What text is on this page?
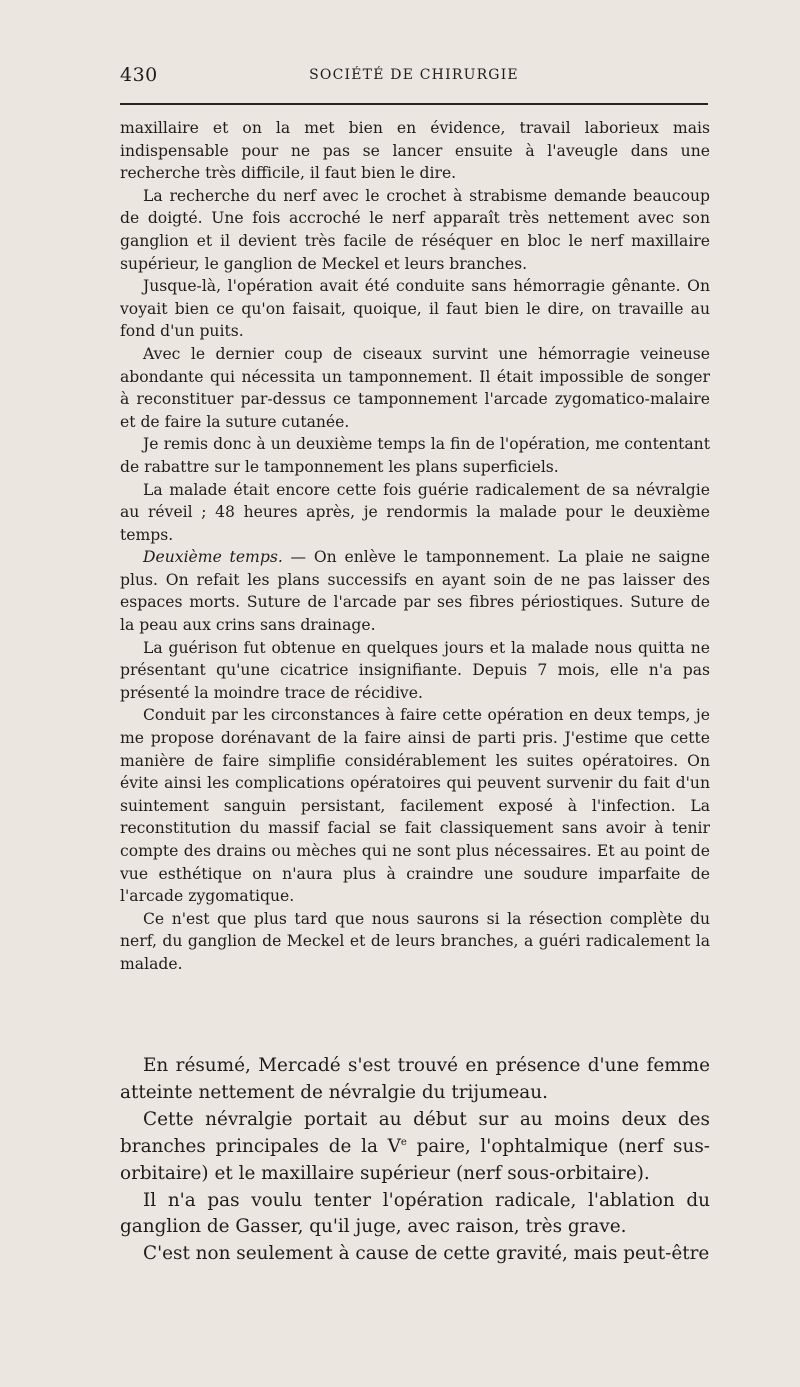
430	SOCIÉTÉ DE CHIRURGIE

maxillaire et on la met bien en évidence, travail laborieux mais indispensable pour ne pas se lancer ensuite à l'aveugle dans une recherche très difficile, il faut bien le dire.

La recherche du nerf avec le crochet à strabisme demande beaucoup de doigté. Une fois accroché le nerf apparaît très nettement avec son ganglion et il devient très facile de réséquer en bloc le nerf maxillaire supérieur, le ganglion de Meckel et leurs branches.

Jusque-là, l'opération avait été conduite sans hémorragie gênante. On voyait bien ce qu'on faisait, quoique, il faut bien le dire, on travaille au fond d'un puits.

Avec le dernier coup de ciseaux survint une hémorragie veineuse abondante qui nécessita un tamponnement. Il était impossible de songer à reconstituer par-dessus ce tamponnement l'arcade zygomatico-malaire et de faire la suture cutanée.

Je remis donc à un deuxième temps la fin de l'opération, me contentant de rabattre sur le tamponnement les plans superficiels.

La malade était encore cette fois guérie radicalement de sa névralgie au réveil ; 48 heures après, je rendormis la malade pour le deuxième temps.

Deuxième temps. — On enlève le tamponnement. La plaie ne saigne plus. On refait les plans successifs en ayant soin de ne pas laisser des espaces morts. Suture de l'arcade par ses fibres périostiques. Suture de la peau aux crins sans drainage.

La guérison fut obtenue en quelques jours et la malade nous quitta ne présentant qu'une cicatrice insignifiante. Depuis 7 mois, elle n'a pas présenté la moindre trace de récidive.

Conduit par les circonstances à faire cette opération en deux temps, je me propose dorénavant de la faire ainsi de parti pris. J'estime que cette manière de faire simplifie considérablement les suites opératoires. On évite ainsi les complications opératoires qui peuvent survenir du fait d'un suintement sanguin persistant, facilement exposé à l'infection. La reconstitution du massif facial se fait classiquement sans avoir à tenir compte des drains ou mèches qui ne sont plus nécessaires. Et au point de vue esthétique on n'aura plus à craindre une soudure imparfaite de l'arcade zygomatique.

Ce n'est que plus tard que nous saurons si la résection complète du nerf, du ganglion de Meckel et de leurs branches, a guéri radicalement la malade.

En résumé, Mercadé s'est trouvé en présence d'une femme atteinte nettement de névralgie du trijumeau.

Cette névralgie portait au début sur au moins deux des branches principales de la Ve paire, l'ophtalmique (nerf sus-orbitaire) et le maxillaire supérieur (nerf sous-orbitaire).

Il n'a pas voulu tenter l'opération radicale, l'ablation du ganglion de Gasser, qu'il juge, avec raison, très grave.

C'est non seulement à cause de cette gravité, mais peut-être
